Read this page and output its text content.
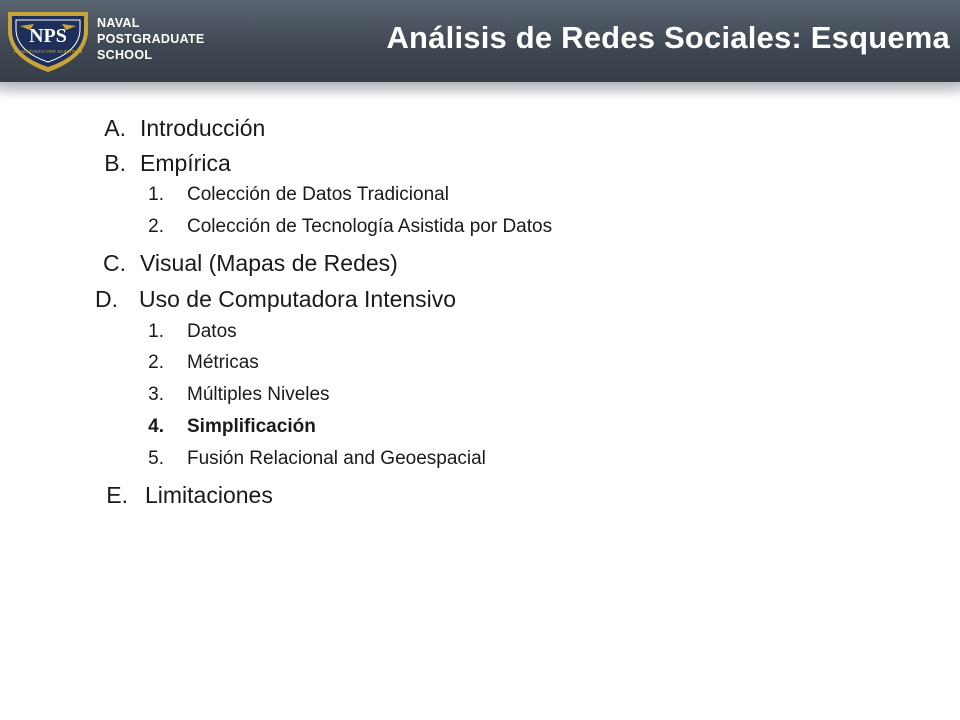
NPS
PRAESTANTIA PER SCIENTIAM
NAVAL
POSTGRADUATE
SCHOOL	Análisis de Redes Sociales: Esquema
A. Introducción
B. Empírica
1. Colección de Datos Tradicional
2. Colección de Tecnología Asistida por Datos
C. Visual (Mapas de Redes)
D. Uso de Computadora Intensivo
1. Datos
2. Métricas
3. Múltiples Niveles
4. Simplificación
5. Fusión Relacional and Geoespacial
E. Limitaciones
